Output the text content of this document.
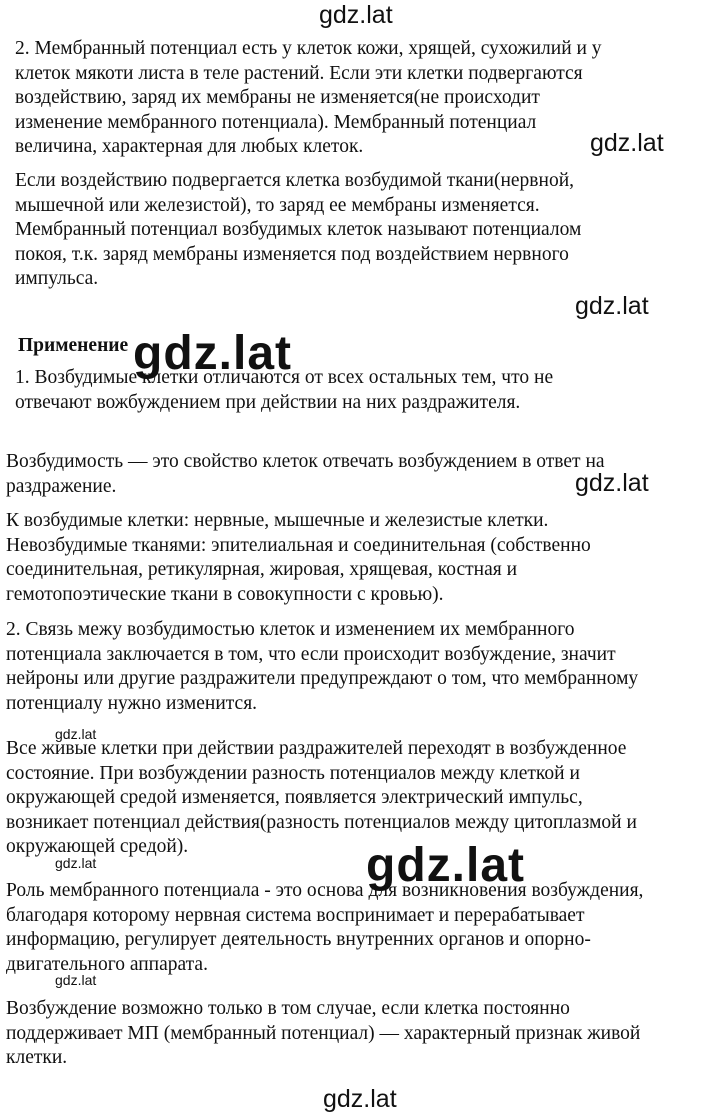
gdz.lat
gdz.lat
gdz.lat
gdz.lat
gdz.lat
gdz.lat
gdz.lat	gdz.lat
gdz.lat
gdz.lat
2. Мембранный потенциал есть у клеток кожи, хрящей, сухожилий и у
клеток мякоти листа в теле растений. Если эти клетки подвергаются
воздействию, заряд их мембраны не изменяется(не происходит
изменение мембранного потенциала). Мембранный потенциал
величина, характерная для любых клеток.
Если воздействию подвергается клетка возбудимой ткани(нервной,
мышечной или железистой), то заряд ее мембраны изменяется.
Мембранный потенциал возбудимых клеток называют потенциалом
покоя, т.к. заряд мембраны изменяется под воздействием нервного
импульса.
Применение
1. Возбудимые клетки отличаются от всех остальных тем, что не
отвечают вожбуждением при действии на них раздражителя.
Возбудимость — это свойство клеток отвечать возбуждением в ответ на
раздражение.
К возбудимые клетки: нервные, мышечные и железистые клетки.
Невозбудимые тканями: эпителиальная и соединительная (собственно
соединительная, ретикулярная, жировая, хрящевая, костная и
гемотопоэтические ткани в совокупности с кровью).
2. Связь межу возбудимостью клеток и изменением их мембранного
потенциала заключается в том, что если происходит возбуждение, значит
нейроны или другие раздражители предупреждают о том, что мембранному
потенциалу нужно изменится.
Все живые клетки при действии раздражителей переходят в возбужденное
состояние. При возбуждении разность потенциалов между клеткой и
окружающей средой изменяется, появляется электрический импульс,
возникает потенциал действия(разность потенциалов между цитоплазмой и
окружающей средой).
Роль мембранного потенциала - это основа для возникновения возбуждения,
благодаря которому нервная система воспринимает и перерабатывает
информацию, регулирует деятельность внутренних органов и опорно-
двигательного аппарата.
Возбуждение возможно только в том случае, если клетка постоянно
поддерживает МП (мембранный потенциал) — характерный признак живой
клетки.
